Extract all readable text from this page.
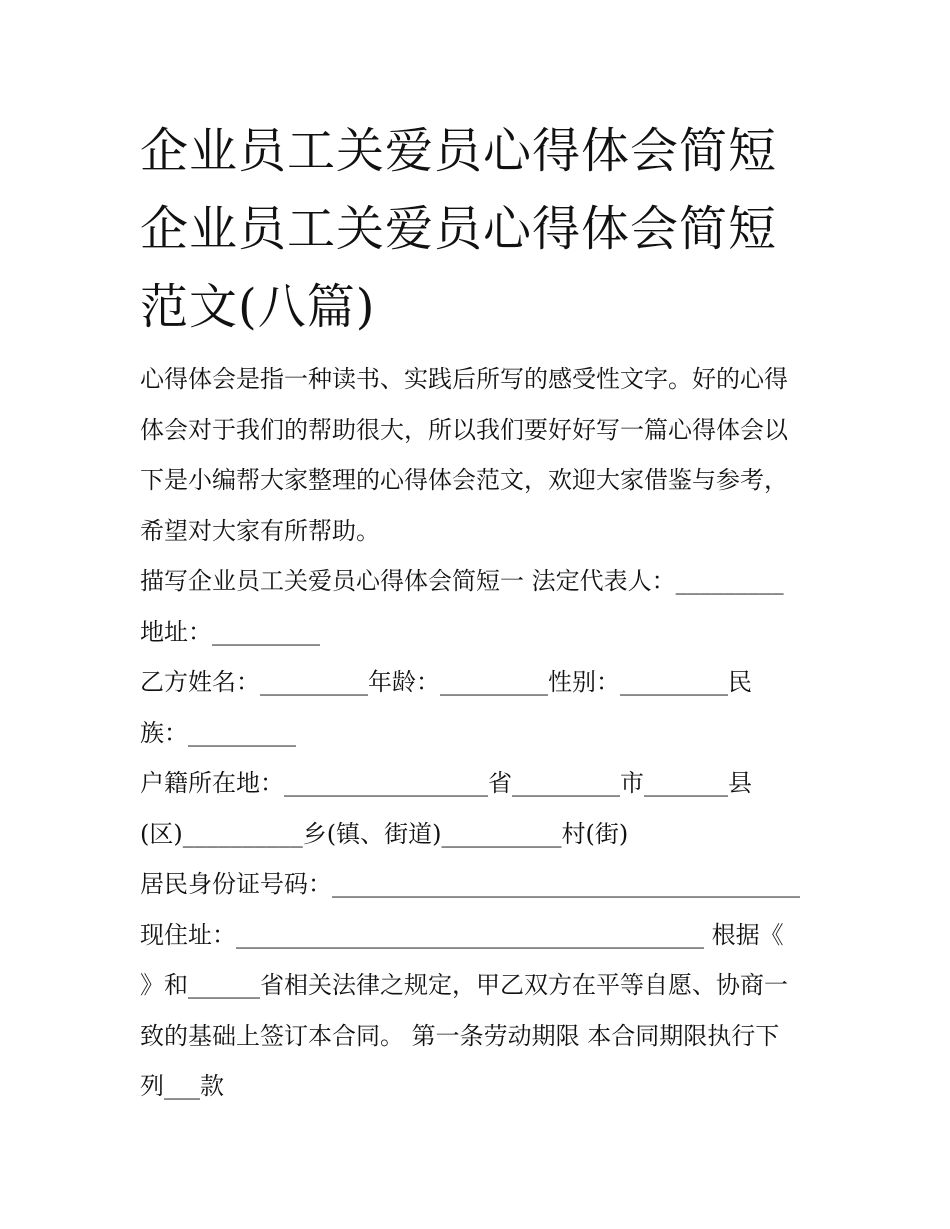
企业员工关爱员心得体会简短
企业员工关爱员心得体会简短
范文(八篇)
心得体会是指一种读书、实践后所写的感受性文字。好的心得
体会对于我们的帮助很大，所以我们要好好写一篇心得体会以
下是小编帮大家整理的心得体会范文，欢迎大家借鉴与参考，
希望对大家有所帮助。
描写企业员工关爱员心得体会简短一 法定代表人：_________
地址：_________
乙方姓名：_________年龄：_________性别：_________民
族：_________
户籍所在地：_________________省_________市_______县
(区)__________乡(镇、街道)__________村(街)
居民身份证号码：_______________________________________
现住址：_______________________________________ 根据《
》和______省相关法律之规定，甲乙双方在平等自愿、协商一
致的基础上签订本合同。 第一条劳动期限 本合同期限执行下
列___款
